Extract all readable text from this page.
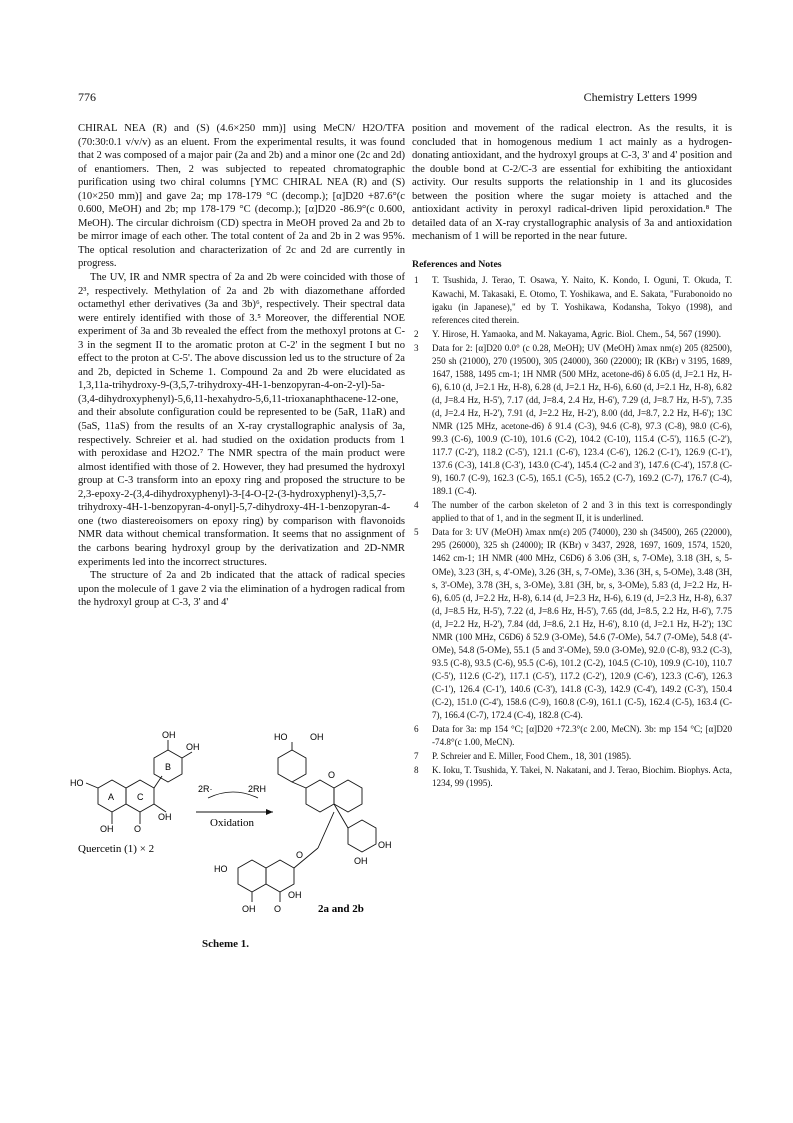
776	Chemistry Letters 1999

CHIRAL NEA (R) and (S) (4.6×250 mm)] using MeCN/ H2O/TFA (70:30:0.1 v/v/v) as an eluent. From the experimental results, it was found that 2 was composed of a major pair (2a and 2b) and a minor one (2c and 2d) of enantiomers. Then, 2 was subjected to repeated chromatographic purification using two chiral columns [YMC CHIRAL NEA (R) and (S) (10×250 mm)] and gave 2a; mp 178-179 °C (decomp.); [α]D20 +87.6°(c 0.600, MeOH) and 2b; mp 178-179 °C (decomp.); [α]D20 -86.9°(c 0.600, MeOH). The circular dichroism (CD) spectra in MeOH proved 2a and 2b to be mirror image of each other. The total content of 2a and 2b in 2 was 95%. The optical resolution and characterization of 2c and 2d are currently in progress.

The UV, IR and NMR spectra of 2a and 2b were coincided with those of 2³, respectively. Methylation of 2a and 2b with diazomethane afforded octamethyl ether derivatives (3a and 3b)⁶, respectively. Their spectral data were entirely identified with those of 3.⁵ Moreover, the differential NOE experiment of 3a and 3b revealed the effect from the methoxyl protons at C-3 in the segment II to the aromatic proton at C-2' in the segment I but no effect to the proton at C-5'. The above discussion led us to the structure of 2a and 2b, depicted in Scheme 1. Compound 2a and 2b were elucidated as 1,3,11a-trihydroxy-9-(3,5,7-trihydroxy-4H-1-benzopyran-4-on-2-yl)-5a-(3,4-dihydroxyphenyl)-5,6,11-hexahydro-5,6,11-trioxanaphthacene-12-one, and their absolute configuration could be represented to be (5aR, 11aR) and (5aS, 11aS) from the results of an X-ray crystallographic analysis of 3a, respectively. Schreier et al. had studied on the oxidation products from 1 with peroxidase and H2O2.⁷ The NMR spectra of the main product were almost identified with those of 2. However, they had presumed the hydroxyl group at C-3 transform into an epoxy ring and proposed the structure to be 2,3-epoxy-2-(3,4-dihydroxyphenyl)-3-[4-O-[2-(3-hydroxyphenyl)-3,5,7-trihydroxy-4H-1-benzopyran-4-onyl]-5,7-dihydroxy-4H-1-benzopyran-4-one (two diastereoisomers on epoxy ring) by comparison with flavonoids NMR data without chemical transformation. It seems that no assignment of the carbons bearing hydroxyl group by the derivatization and 2D-NMR experiments led into the incorrect structures.

The structure of 2a and 2b indicated that the attack of radical species upon the molecule of 1 gave 2 via the elimination of a hydrogen radical from the hydroxyl group at C-3, 3' and 4'

position and movement of the radical electron. As the results, it is concluded that in homogenous medium 1 act mainly as a hydrogen-donating antioxidant, and the hydroxyl groups at C-3, 3' and 4' position and the double bond at C-2/C-3 are essential for exhibiting the antioxidant activity. Our results supports the relationship in 1 and its glucosides between the position where the sugar moiety is attached and the antioxidant activity in peroxyl radical-driven lipid peroxidation.⁸ The detailed data of an X-ray crystallographic analysis of 3a and antioxidation mechanism of 1 will be reported in the near future.

References and Notes

1	T. Tsushida, J. Terao, T. Osawa, Y. Naito, K. Kondo, I. Oguni, T. Okuda, T. Kawachi, M. Takasaki, E. Otomo, T. Yoshikawa, and E. Sakata, "Furabonoido no igaku (in Japanese)," ed by T. Yoshikawa, Kodansha, Tokyo (1998), and references cited therein.
2	Y. Hirose, H. Yamaoka, and M. Nakayama, Agric. Biol. Chem., 54, 567 (1990).
3	Data for 2: [α]D20 0.0° (c 0.28, MeOH); UV (MeOH) λmax nm(ε) 205 (82500), 250 sh (21000), 270 (19500), 305 (24000), 360 (22000); IR (KBr) ν 3195, 1689, 1647, 1588, 1495 cm-1; 1H NMR (500 MHz, acetone-d6) δ 6.05 (d, J=2.1 Hz, H-6), 6.10 (d, J=2.1 Hz, H-8), 6.28 (d, J=2.1 Hz, H-6), 6.60 (d, J=2.1 Hz, H-8), 6.82 (d, J=8.4 Hz, H-5'), 7.17 (dd, J=8.4, 2.4 Hz, H-6'), 7.29 (d, J=8.7 Hz, H-5'), 7.35 (d, J=2.4 Hz, H-2'), 7.91 (d, J=2.2 Hz, H-2'), 8.00 (dd, J=8.7, 2.2 Hz, H-6'); 13C NMR (125 MHz, acetone-d6) δ 91.4 (C-3), 94.6 (C-8), 97.3 (C-8), 98.0 (C-6), 99.3 (C-6), 100.9 (C-10), 101.6 (C-2), 104.2 (C-10), 115.4 (C-5'), 116.5 (C-2'), 117.7 (C-2'), 118.2 (C-5'), 121.1 (C-6'), 123.4 (C-6'), 126.2 (C-1'), 126.9 (C-1'), 137.6 (C-3), 141.8 (C-3'), 143.0 (C-4'), 145.4 (C-2 and 3'), 147.6 (C-4'), 157.8 (C-9), 160.7 (C-9), 162.3 (C-5), 165.1 (C-5), 165.2 (C-7), 169.2 (C-7), 176.7 (C-4), 189.1 (C-4).
4	The number of the carbon skeleton of 2 and 3 in this text is correspondingly applied to that of 1, and in the segment II, it is underlined.
5	Data for 3: UV (MeOH) λmax nm(ε) 205 (74000), 230 sh (34500), 265 (22000), 295 (26000), 325 sh (24000); IR (KBr) ν 3437, 2928, 1697, 1609, 1574, 1520, 1462 cm-1; 1H NMR (400 MHz, C6D6) δ 3.06 (3H, s, 7-OMe), 3.18 (3H, s, 5-OMe), 3.23 (3H, s, 4'-OMe), 3.26 (3H, s, 7-OMe), 3.36 (3H, s, 5-OMe), 3.48 (3H, s, 3'-OMe), 3.78 (3H, s, 3-OMe), 3.81 (3H, br, s, 3-OMe), 5.83 (d, J=2.2 Hz, H-6), 6.05 (d, J=2.2 Hz, H-8), 6.14 (d, J=2.3 Hz, H-6), 6.19 (d, J=2.3 Hz, H-8), 6.37 (d, J=8.5 Hz, H-5'), 7.22 (d, J=8.6 Hz, H-5'), 7.65 (dd, J=8.5, 2.2 Hz, H-6'), 7.75 (d, J=2.2 Hz, H-2'), 7.84 (dd, J=8.6, 2.1 Hz, H-6'), 8.10 (d, J=2.1 Hz, H-2'); 13C NMR (100 MHz, C6D6) δ 52.9 (3-OMe), 54.6 (7-OMe), 54.7 (7-OMe), 54.8 (4'-OMe), 54.8 (5-OMe), 55.1 (5 and 3'-OMe), 59.0 (3-OMe), 92.0 (C-8), 93.2 (C-3), 93.5 (C-8), 93.5 (C-6), 95.5 (C-6), 101.2 (C-2), 104.5 (C-10), 109.9 (C-10), 110.7 (C-5'), 112.6 (C-2'), 117.1 (C-5'), 117.2 (C-2'), 120.9 (C-6'), 123.3 (C-6'), 126.3 (C-1'), 126.4 (C-1'), 140.6 (C-3'), 141.8 (C-3), 142.9 (C-4'), 149.2 (C-3'), 150.4 (C-2), 151.0 (C-4'), 158.6 (C-9), 160.8 (C-9), 161.1 (C-5), 162.4 (C-5), 163.4 (C-7), 166.4 (C-7), 172.4 (C-4), 182.8 (C-4).
6	Data for 3a: mp 154 °C; [α]D20 +72.3°(c 2.00, MeCN). 3b: mp 154 °C; [α]D20 -74.8°(c 1.00, MeCN).
7	P. Schreier and E. Miller, Food Chem., 18, 301 (1985).
8	K. Ioku, T. Tsushida, Y. Takei, N. Nakatani, and J. Terao, Biochim. Biophys. Acta, 1234, 99 (1995).
A	C
B
HO
OH
OH
O
OH
OH
Quercetin (1) × 2
2R·	2RH
Oxidation
HO	OH
O
OH
OH
HO
O
OH
OH O	2a and 2b
Scheme 1.
